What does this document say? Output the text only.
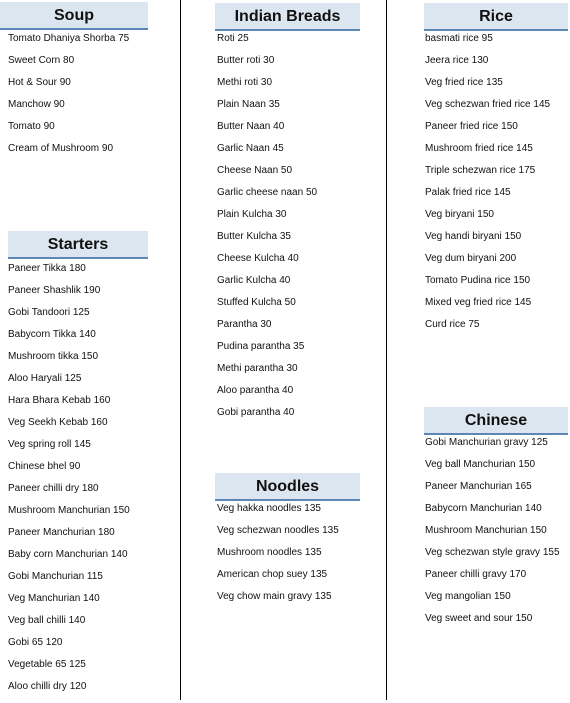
Soup
Tomato Dhaniya Shorba 75
Sweet Corn 80
Hot & Sour 90
Manchow 90
Tomato 90
Cream of Mushroom 90
Starters
Paneer Tikka 180
Paneer Shashlik 190
Gobi Tandoori 125
Babycorn Tikka 140
Mushroom tikka 150
Aloo Haryali 125
Hara Bhara Kebab 160
Veg Seekh Kebab 160
Veg spring roll 145
Chinese bhel 90
Paneer chilli dry 180
Mushroom Manchurian 150
Paneer Manchurian 180
Baby corn Manchurian 140
Gobi Manchurian 115
Veg Manchurian 140
Veg ball chilli 140
Gobi 65 120
Vegetable 65 125
Aloo chilli dry 120
Indian Breads
Roti 25
Butter roti 30
Methi roti 30
Plain Naan 35
Butter Naan 40
Garlic Naan 45
Cheese Naan 50
Garlic cheese naan 50
Plain Kulcha 30
Butter Kulcha 35
Cheese Kulcha 40
Garlic Kulcha 40
Stuffed Kulcha 50
Parantha 30
Pudina parantha 35
Methi parantha 30
Aloo parantha 40
Gobi parantha 40
Noodles
Veg hakka noodles 135
Veg schezwan noodles 135
Mushroom noodles 135
American chop suey 135
Veg chow main gravy 135
Rice
basmati rice 95
Jeera rice 130
Veg fried rice 135
Veg schezwan fried rice 145
Paneer fried rice 150
Mushroom fried rice 145
Triple schezwan rice 175
Palak fried rice 145
Veg biryani 150
Veg handi biryani 150
Veg dum biryani 200
Tomato Pudina rice 150
Mixed veg fried rice 145
Curd rice 75
Chinese
Gobi Manchurian gravy 125
Veg ball Manchurian 150
Paneer Manchurian 165
Babycorn Manchurian 140
Mushroom Manchurian 150
Veg schezwan style gravy 155
Paneer chilli gravy 170
Veg mangolian 150
Veg sweet and sour 150
